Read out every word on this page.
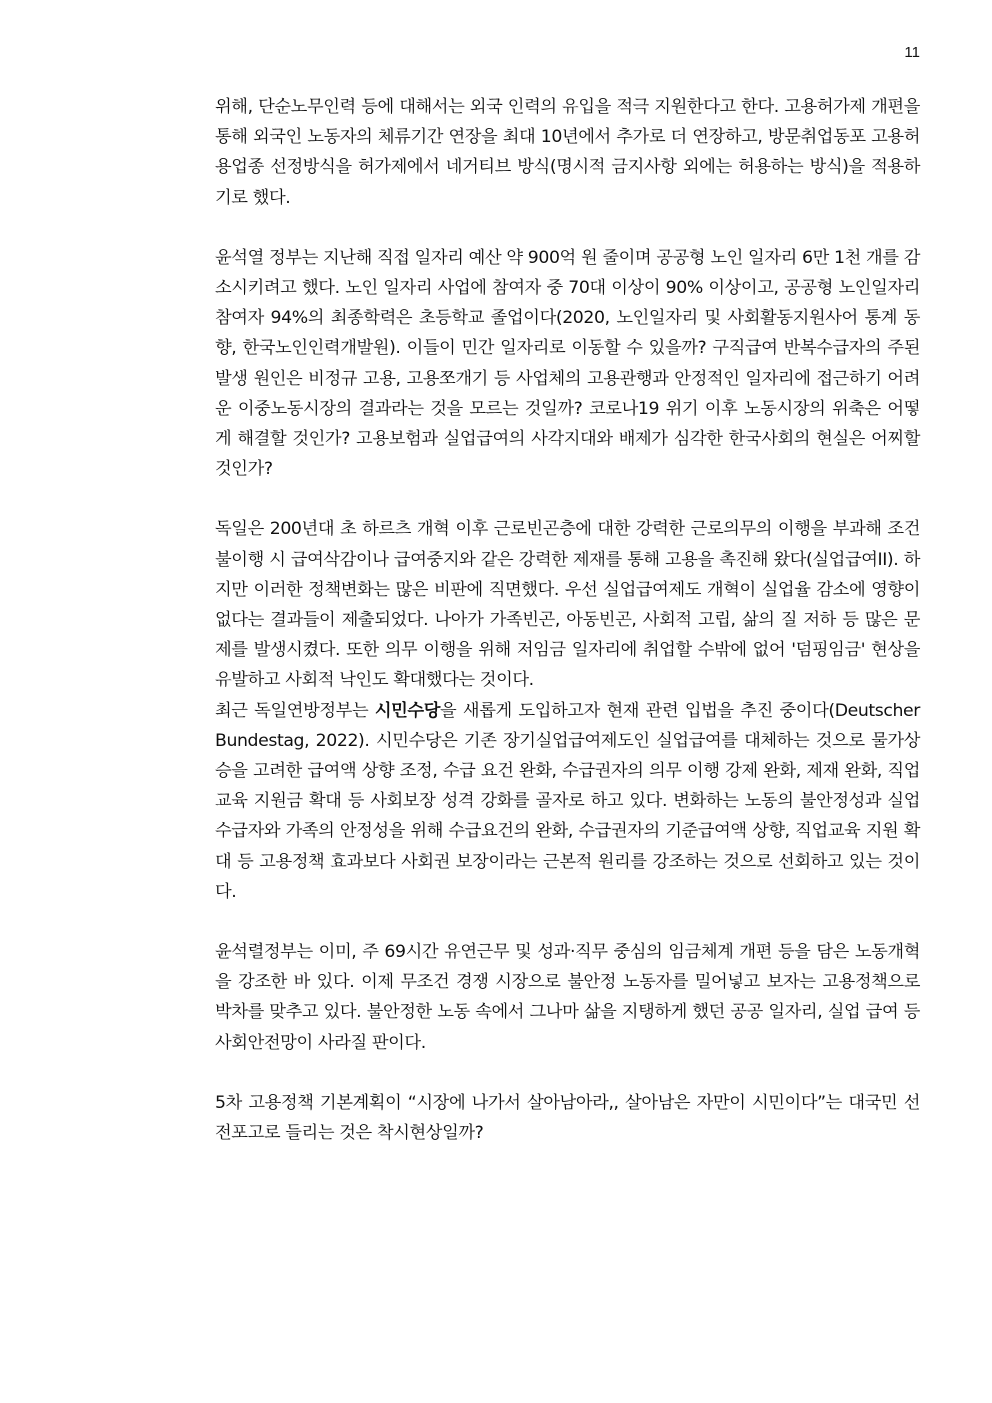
11

위해, 단순노무인력 등에 대해서는 외국 인력의 유입을 적극 지원한다고 한다. 고용허가제 개편을 통해 외국인 노동자의 체류기간 연장을 최대 10년에서 추가로 더 연장하고, 방문취업동포 고용허용업종 선정방식을 허가제에서 네거티브 방식(명시적 금지사항 외에는 허용하는 방식)을 적용하기로 했다.

윤석열 정부는 지난해 직접 일자리 예산 약 900억 원 줄이며 공공형 노인 일자리 6만 1천 개를 감소시키려고 했다. 노인 일자리 사업에 참여자 중 70대 이상이 90% 이상이고, 공공형 노인일자리 참여자 94%의 최종학력은 초등학교 졸업이다(2020, 노인일자리 및 사회활동지원사어 통계 동향, 한국노인인력개발원). 이들이 민간 일자리로 이동할 수 있을까? 구직급여 반복수급자의 주된 발생 원인은 비정규 고용, 고용쪼개기 등 사업체의 고용관행과 안정적인 일자리에 접근하기 어려운 이중노동시장의 결과라는 것을 모르는 것일까? 코로나19 위기 이후 노동시장의 위축은 어떻게 해결할 것인가? 고용보험과 실업급여의 사각지대와 배제가 심각한 한국사회의 현실은 어찌할 것인가?

독일은 200년대 초 하르츠 개혁 이후 근로빈곤층에 대한 강력한 근로의무의 이행을 부과해 조건 불이행 시 급여삭감이나 급여중지와 같은 강력한 제재를 통해 고용을 촉진해 왔다(실업급여II). 하지만 이러한 정책변화는 많은 비판에 직면했다. 우선 실업급여제도 개혁이 실업율 감소에 영향이 없다는 결과들이 제출되었다. 나아가 가족빈곤, 아동빈곤, 사회적 고립, 삶의 질 저하 등 많은 문제를 발생시켰다. 또한 의무 이행을 위해 저임금 일자리에 취업할 수밖에 없어 '덤핑임금' 현상을 유발하고 사회적 낙인도 확대했다는 것이다.

최근 독일연방정부는 시민수당을 새롭게 도입하고자 현재 관련 입법을 추진 중이다(Deutscher Bundestag, 2022). 시민수당은 기존 장기실업급여제도인 실업급여를 대체하는 것으로 물가상승을 고려한 급여액 상향 조정, 수급 요건 완화, 수급권자의 의무 이행 강제 완화, 제재 완화, 직업교육 지원금 확대 등 사회보장 성격 강화를 골자로 하고 있다. 변화하는 노동의 불안정성과 실업수급자와 가족의 안정성을 위해 수급요건의 완화, 수급권자의 기준급여액 상향, 직업교육 지원 확대 등 고용정책 효과보다 사회권 보장이라는 근본적 원리를 강조하는 것으로 선회하고 있는 것이다.

윤석렬정부는 이미, 주 69시간 유연근무 및 성과·직무 중심의 임금체계 개편 등을 담은 노동개혁을 강조한 바 있다. 이제 무조건 경쟁 시장으로 불안정 노동자를 밀어넣고 보자는 고용정책으로 박차를 맞추고 있다. 불안정한 노동 속에서 그나마 삶을 지탱하게 했던 공공 일자리, 실업 급여 등 사회안전망이 사라질 판이다.

5차 고용정책 기본계획이 “시장에 나가서 살아남아라,, 살아남은 자만이 시민이다”는 대국민 선전포고로 들리는 것은 착시현상일까?
